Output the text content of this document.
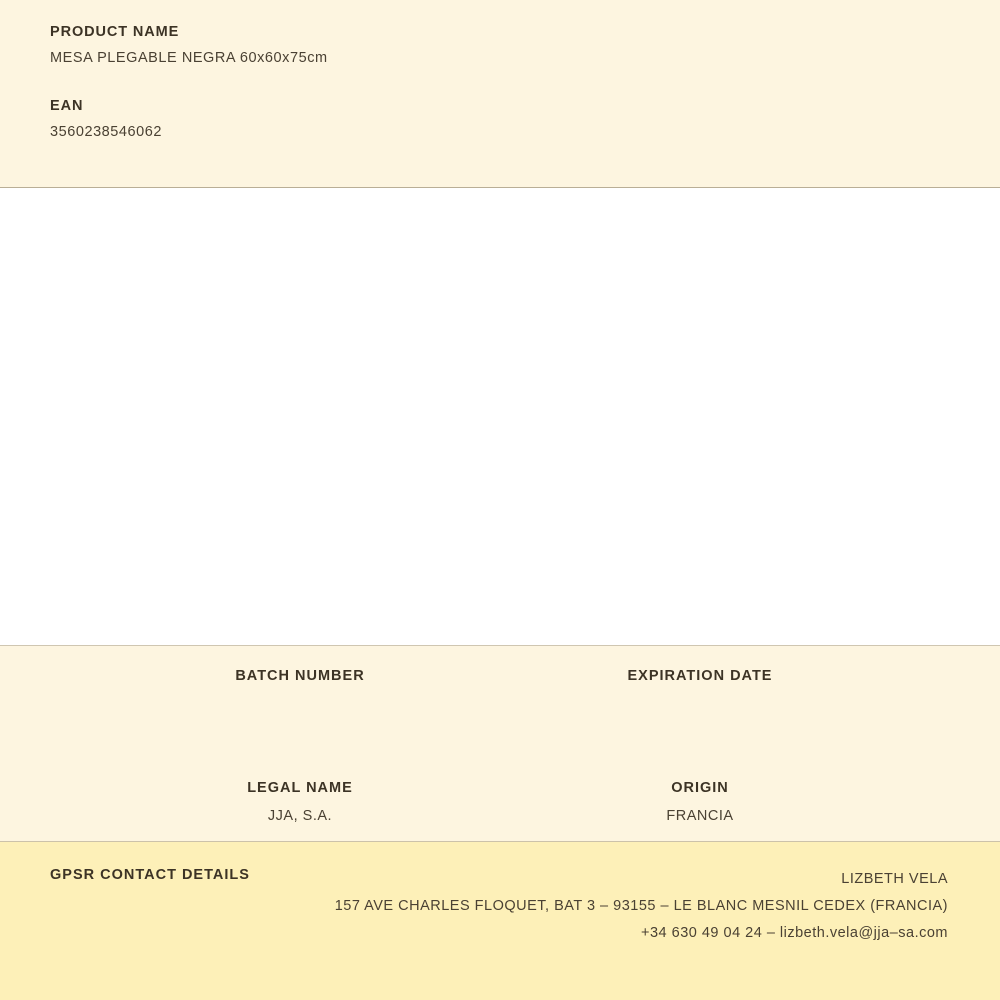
PRODUCT NAME

MESA PLEGABLE NEGRA 60x60x75cm

EAN

3560238546062

BATCH NUMBER	EXPIRATION DATE

LEGAL NAME

JJA, S.A.

ORIGIN

FRANCIA

GPSR CONTACT DETAILS	LIZBETH VELA
157 AVE CHARLES FLOQUET, BAT 3 – 93155 – LE BLANC MESNIL CEDEX (FRANCIA)
+34 630 49 04 24 – lizbeth.vela@jja–sa.com
